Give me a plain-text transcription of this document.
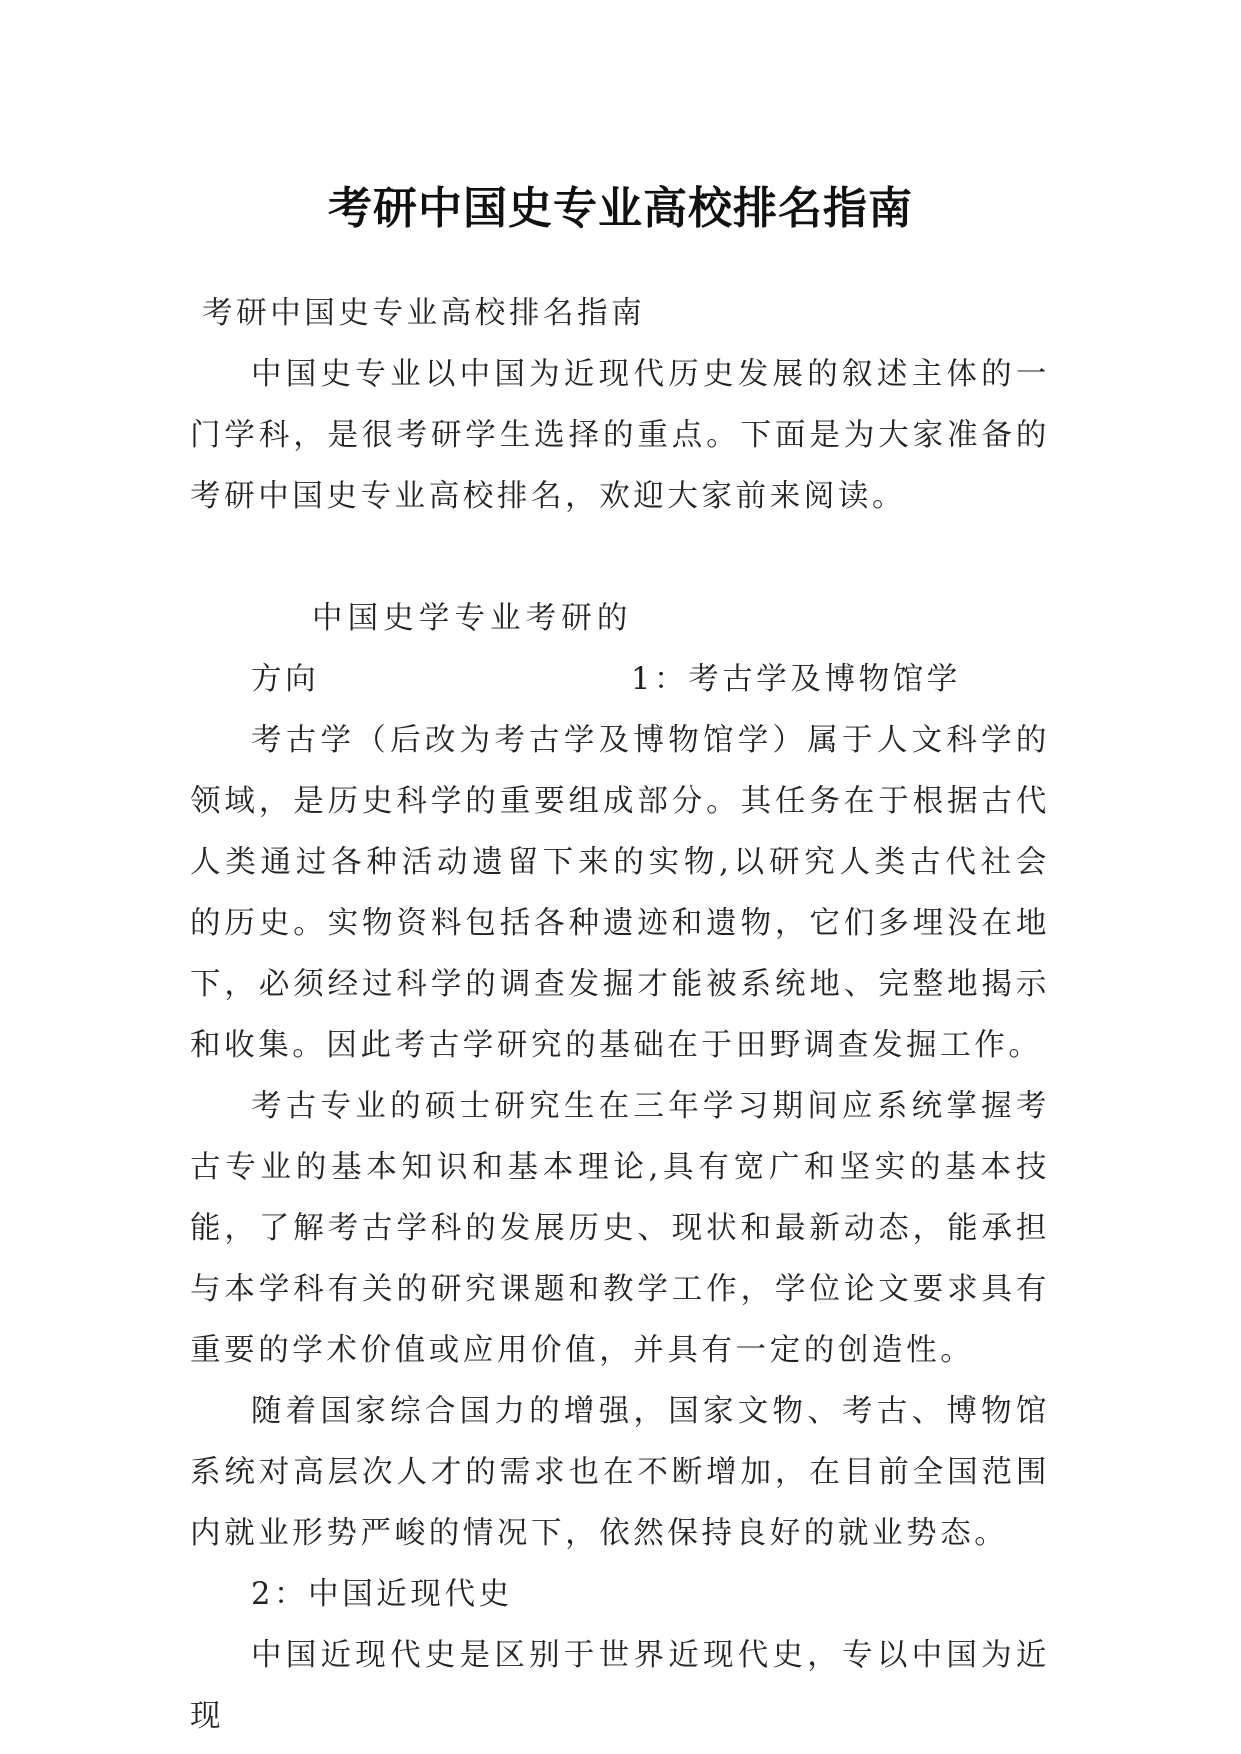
考研中国史专业高校排名指南

考研中国史专业高校排名指南

中国史专业以中国为近现代历史发展的叙述主体的一门学科，是很考研学生选择的重点。下面是为大家准备的考研中国史专业高校排名，欢迎大家前来阅读。

中国史学专业考研的方向	1：考古学及博物馆学

考古学（后改为考古学及博物馆学）属于人文科学的领域，是历史科学的重要组成部分。其任务在于根据古代人类通过各种活动遗留下来的实物,以研究人类古代社会的历史。实物资料包括各种遗迹和遗物，它们多埋没在地下，必须经过科学的调查发掘才能被系统地、完整地揭示和收集。因此考古学研究的基础在于田野调查发掘工作。

考古专业的硕士研究生在三年学习期间应系统掌握考古专业的基本知识和基本理论,具有宽广和坚实的基本技能，了解考古学科的发展历史、现状和最新动态，能承担与本学科有关的研究课题和教学工作，学位论文要求具有重要的学术价值或应用价值，并具有一定的创造性。

随着国家综合国力的增强，国家文物、考古、博物馆系统对高层次人才的需求也在不断增加，在目前全国范围内就业形势严峻的情况下，依然保持良好的就业势态。

2：中国近现代史

中国近现代史是区别于世界近现代史，专以中国为近现
